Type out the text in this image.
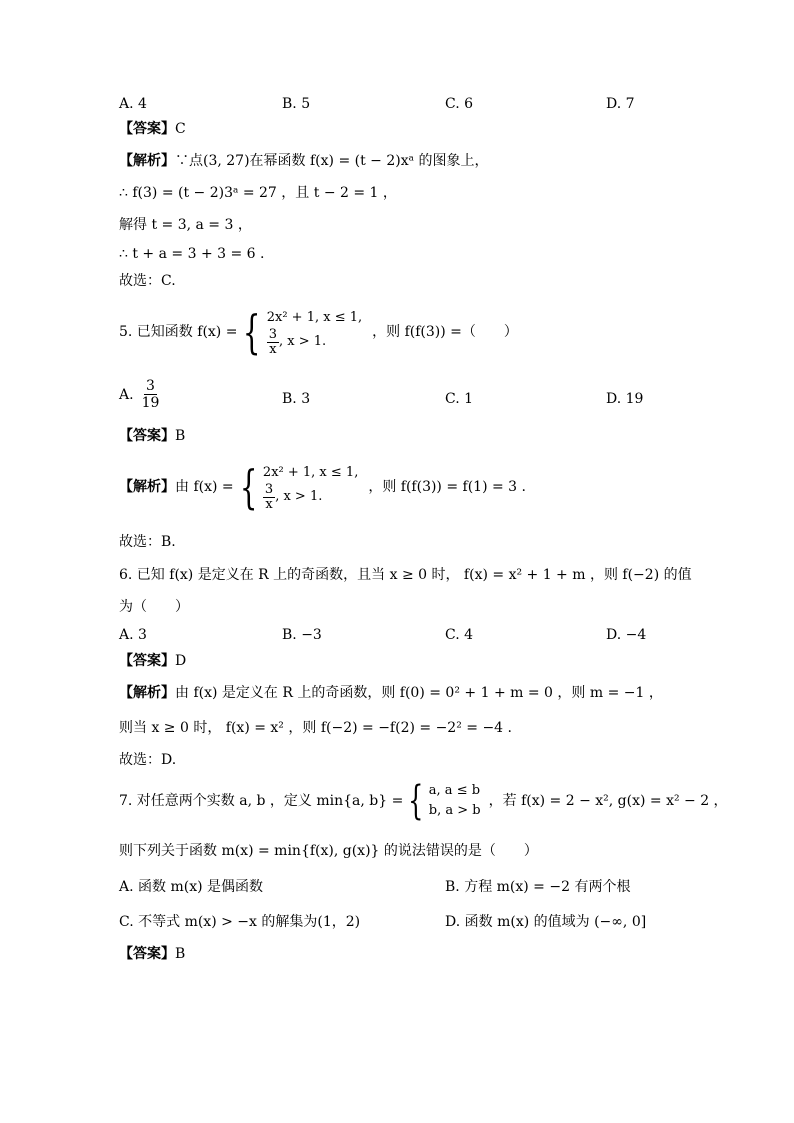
A. 4	B. 5	C. 6	D. 7
【答案】C
【解析】∵点(3, 27)在幂函数 f(x) = (t − 2)xᵃ 的图象上，
∴ f(3) = (t − 2)3ᵃ = 27 ，且 t − 2 = 1 ，
解得 t = 3, a = 3 ，
∴ t + a = 3 + 3 = 6 .
故选：C.
5. 已知函数 f(x) = { 2x² + 1, x ≤ 1,
$\frac{3}{x}$ , x > 1.
，则 f(f(3)) =（　　）
A. $\frac{3}{19}$	B. 3	C. 1	D. 19
【答案】B
【解析】 由 f(x) = { 2x² + 1, x ≤ 1,
$\frac{3}{x}$ , x > 1.
，则 f(f(3)) = f(1) = 3 .
故选：B.
6. 已知 f(x) 是定义在 R 上的奇函数，且当 x ≥ 0 时， f(x) = x² + 1 + m ，则 f(−2) 的值
为（　　）
A. 3	B. −3	C. 4	D. −4
【答案】D
【解析】由 f(x) 是定义在 R 上的奇函数，则 f(0) = 0² + 1 + m = 0 ，则 m = −1 ，
则当 x ≥ 0 时， f(x) = x² ，则 f(−2) = −f(2) = −2² = −4 .
故选：D.
7. 对任意两个实数 a, b ，定义 min{a, b} = { a, a ≤ b
b, a > b
，若 f(x) = 2 − x², g(x) = x² − 2 ，
则下列关于函数 m(x) = min{f(x), g(x)} 的说法错误的是（　　）
A. 函数 m(x) 是偶函数	B. 方程 m(x) = −2 有两个根
C. 不等式 m(x) > −x 的解集为(1，2)	D. 函数 m(x) 的值域为 (−∞, 0]
【答案】B
